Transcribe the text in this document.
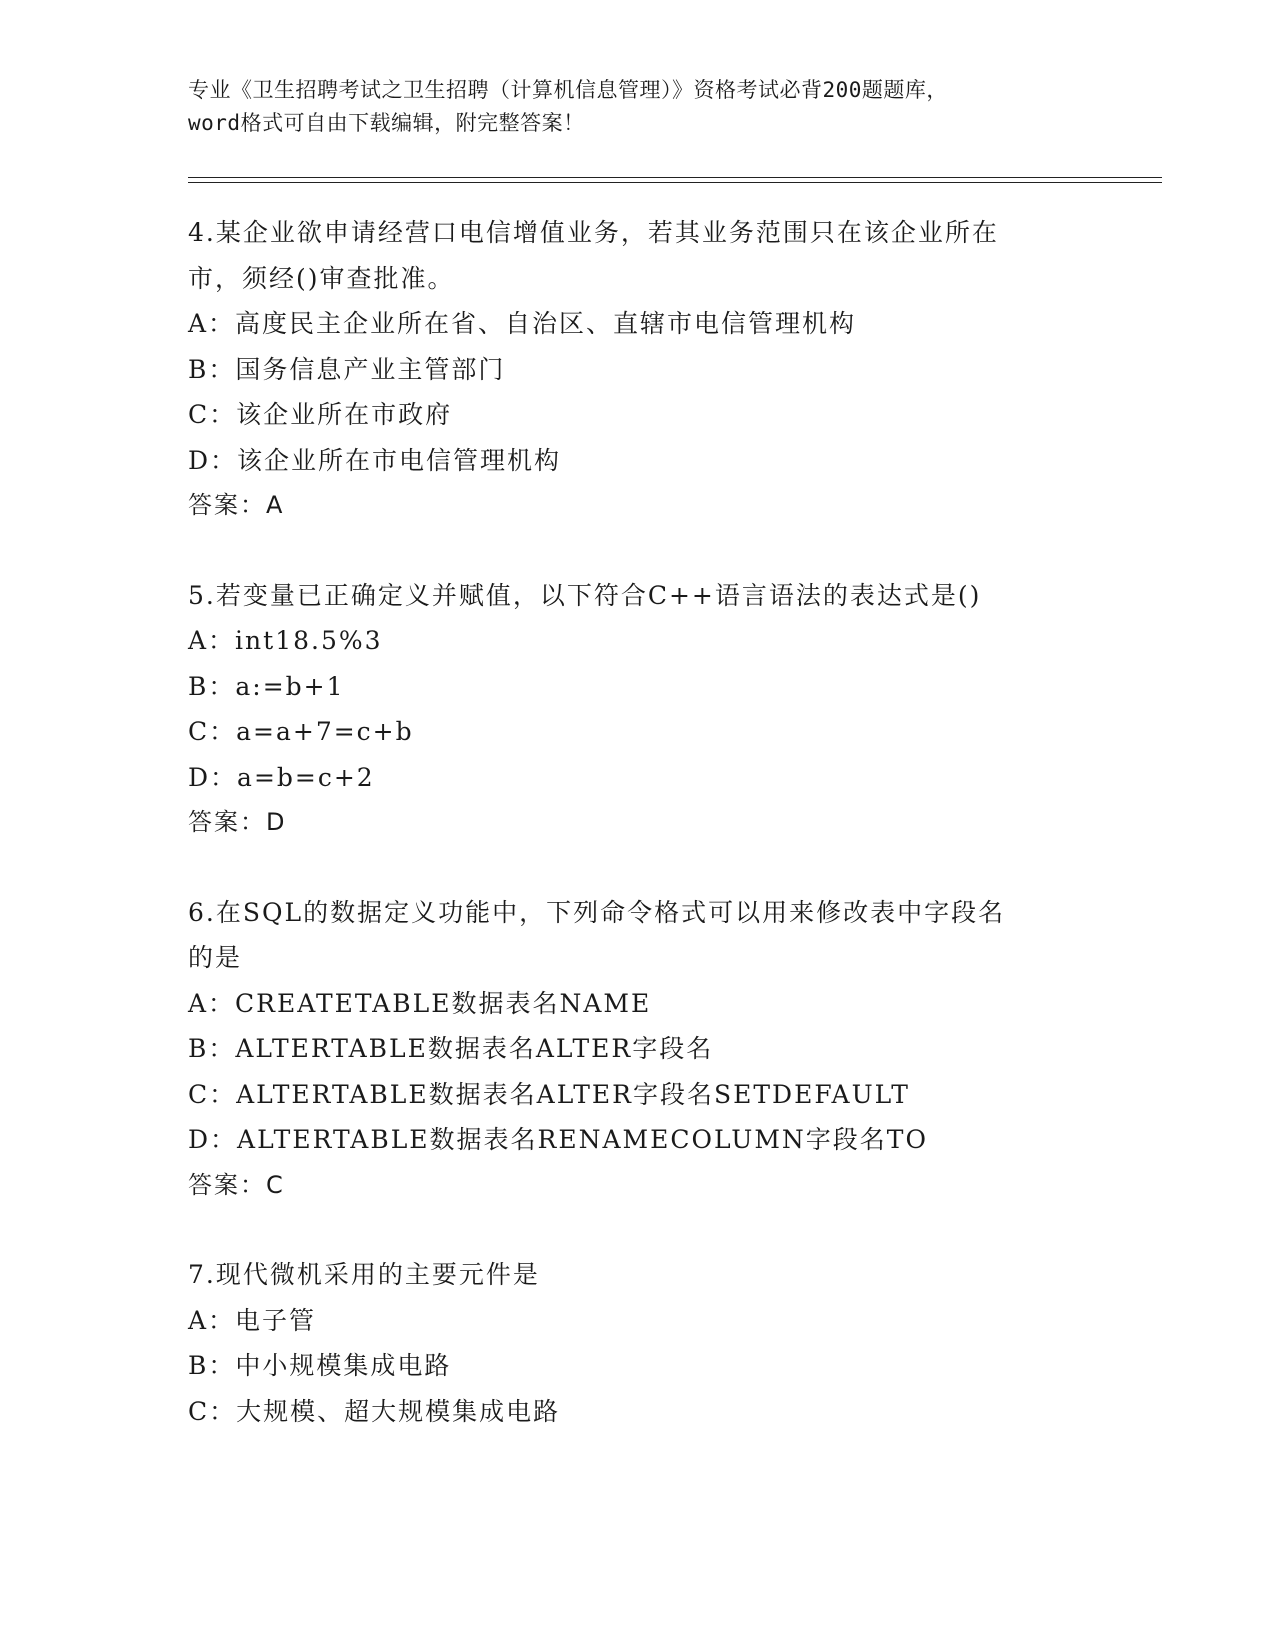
专业《卫生招聘考试之卫生招聘（计算机信息管理）》资格考试必背200题题库，
word格式可自由下载编辑，附完整答案！
4.某企业欲申请经营口电信增值业务，若其业务范围只在该企业所在
市，须经()审查批准。
A：高度民主企业所在省、自治区、直辖市电信管理机构
B：国务信息产业主管部门
C：该企业所在市政府
D：该企业所在市电信管理机构
答案：A
5.若变量已正确定义并赋值，以下符合C++语言语法的表达式是()
A：int18.5%3
B：a:=b+1
C：a=a+7=c+b
D：a=b=c+2
答案：D
6.在SQL的数据定义功能中，下列命令格式可以用来修改表中字段名
的是
A：CREATETABLE数据表名NAME
B：ALTERTABLE数据表名ALTER字段名
C：ALTERTABLE数据表名ALTER字段名SETDEFAULT
D：ALTERTABLE数据表名RENAMECOLUMN字段名TO
答案：C
7.现代微机采用的主要元件是
A：电子管
B：中小规模集成电路
C：大规模、超大规模集成电路
